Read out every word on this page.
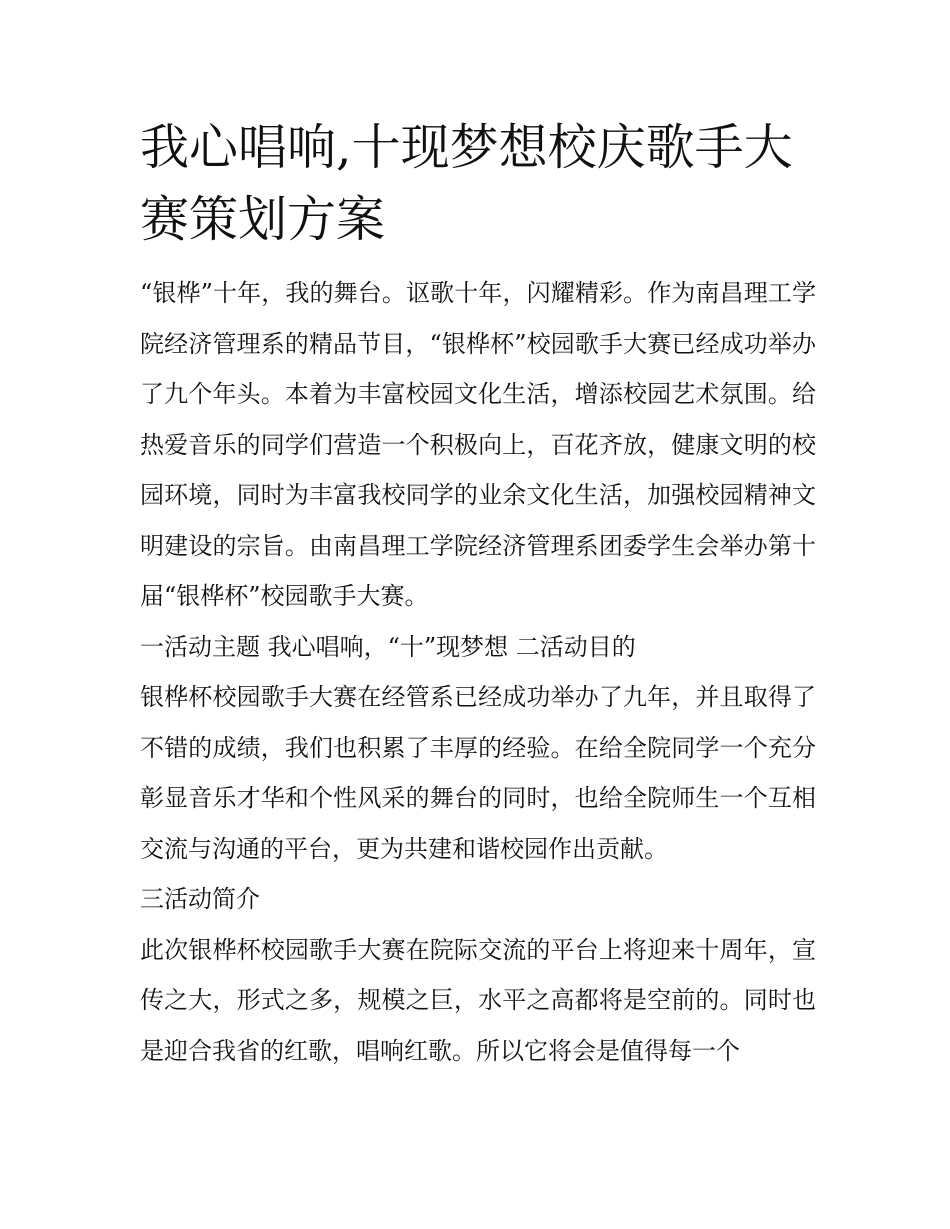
我心唱响,十现梦想校庆歌手大赛策划方案

“银桦”十年，我的舞台。讴歌十年，闪耀精彩。作为南昌理工学院经济管理系的精品节目，“银桦杯”校园歌手大赛已经成功举办了九个年头。本着为丰富校园文化生活，增添校园艺术氛围。给热爱音乐的同学们营造一个积极向上，百花齐放，健康文明的校园环境，同时为丰富我校同学的业余文化生活，加强校园精神文明建设的宗旨。由南昌理工学院经济管理系团委学生会举办第十届“银桦杯”校园歌手大赛。

一活动主题 我心唱响，“十”现梦想 二活动目的

银桦杯校园歌手大赛在经管系已经成功举办了九年，并且取得了不错的成绩，我们也积累了丰厚的经验。在给全院同学一个充分彰显音乐才华和个性风采的舞台的同时，也给全院师生一个互相交流与沟通的平台，更为共建和谐校园作出贡献。

三活动简介

此次银桦杯校园歌手大赛在院际交流的平台上将迎来十周年，宣传之大，形式之多，规模之巨，水平之高都将是空前的。同时也是迎合我省的红歌，唱响红歌。所以它将会是值得每一个
